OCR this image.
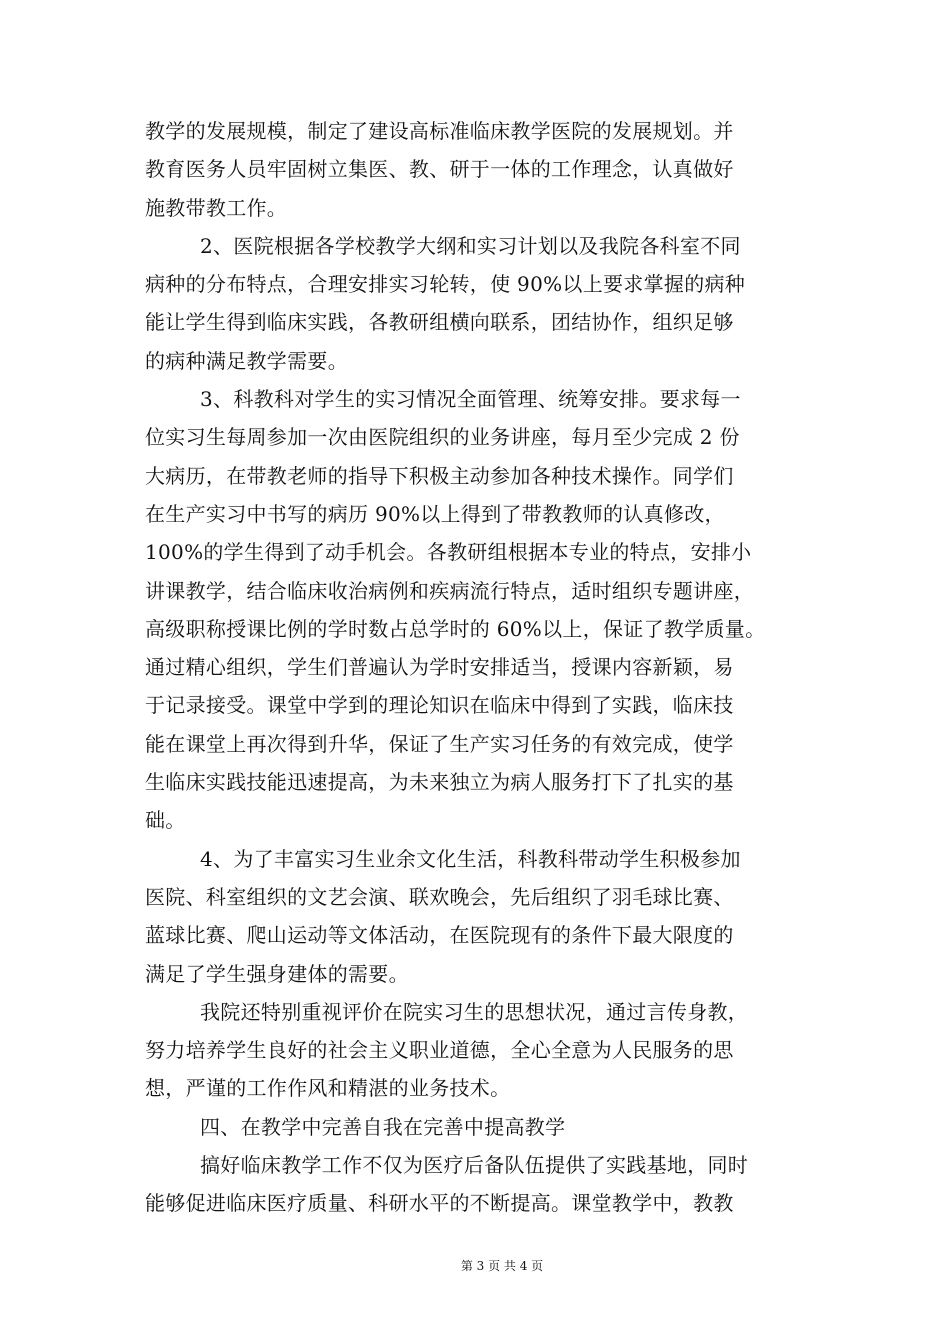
教学的发展规模，制定了建设高标准临床教学医院的发展规划。并
教育医务人员牢固树立集医、教、研于一体的工作理念，认真做好
施教带教工作。
2、医院根据各学校教学大纲和实习计划以及我院各科室不同
病种的分布特点，合理安排实习轮转，使 90%以上要求掌握的病种
能让学生得到临床实践，各教研组横向联系，团结协作，组织足够
的病种满足教学需要。
3、科教科对学生的实习情况全面管理、统筹安排。要求每一
位实习生每周参加一次由医院组织的业务讲座，每月至少完成 2 份
大病历，在带教老师的指导下积极主动参加各种技术操作。同学们
在生产实习中书写的病历 90%以上得到了带教教师的认真修改，
100%的学生得到了动手机会。各教研组根据本专业的特点，安排小
讲课教学，结合临床收治病例和疾病流行特点，适时组织专题讲座，
高级职称授课比例的学时数占总学时的 60%以上，保证了教学质量。
通过精心组织，学生们普遍认为学时安排适当，授课内容新颖，易
于记录接受。课堂中学到的理论知识在临床中得到了实践，临床技
能在课堂上再次得到升华，保证了生产实习任务的有效完成，使学
生临床实践技能迅速提高，为未来独立为病人服务打下了扎实的基
础。
4、为了丰富实习生业余文化生活，科教科带动学生积极参加
医院、科室组织的文艺会演、联欢晚会，先后组织了羽毛球比赛、
蓝球比赛、爬山运动等文体活动，在医院现有的条件下最大限度的
满足了学生强身建体的需要。
我院还特别重视评价在院实习生的思想状况，通过言传身教，
努力培养学生良好的社会主义职业道德，全心全意为人民服务的思
想，严谨的工作作风和精湛的业务技术。
四、在教学中完善自我在完善中提高教学
搞好临床教学工作不仅为医疗后备队伍提供了实践基地，同时
能够促进临床医疗质量、科研水平的不断提高。课堂教学中，教教
第 3 页 共 4 页
